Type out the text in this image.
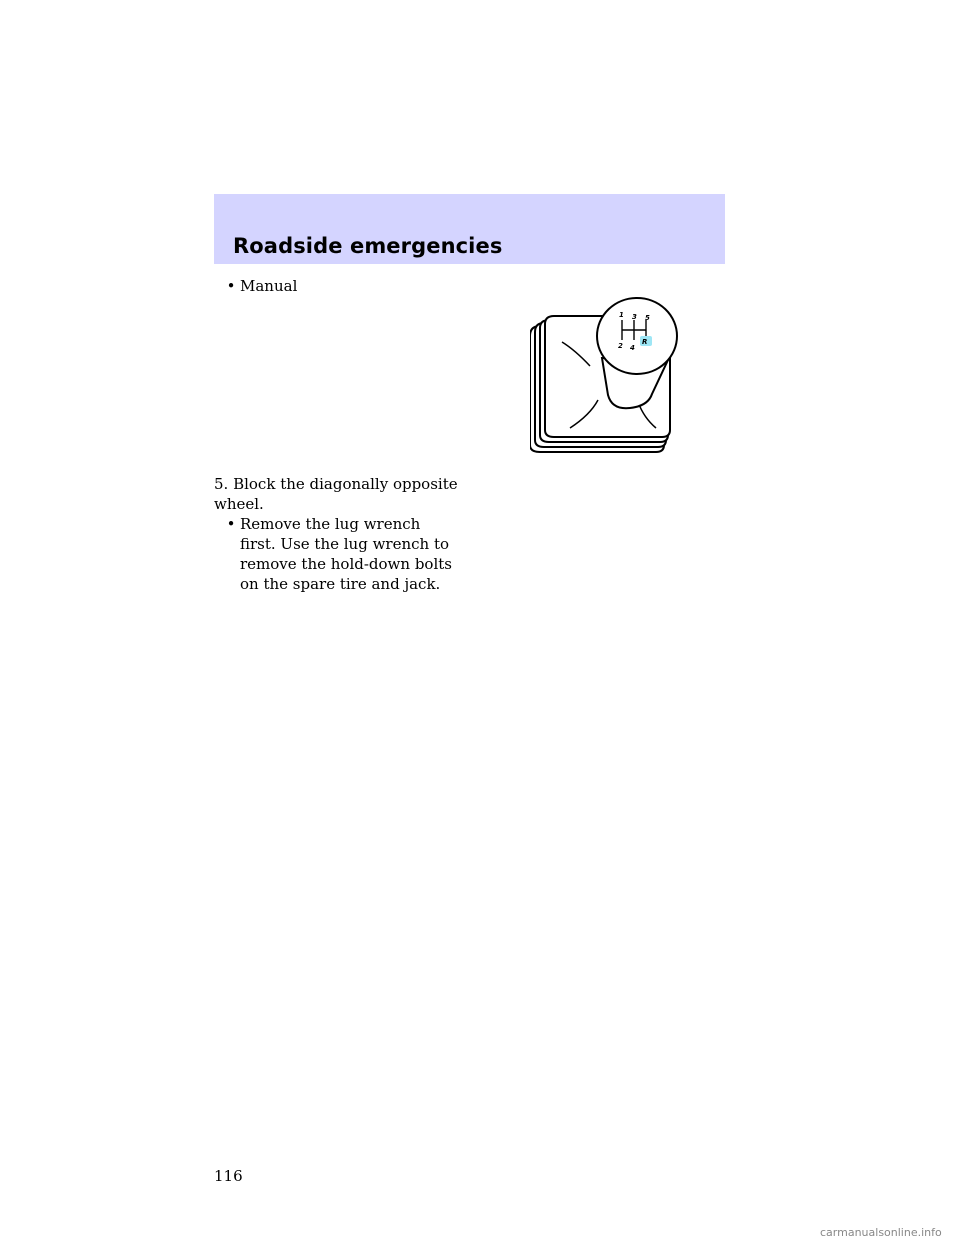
Roadside emergencies
• Manual
1
2
3
4
5
R
5. Block the diagonally opposite wheel.
• Remove the lug wrench first. Use the lug wrench to remove the hold-down bolts on the spare tire and jack.
116
carmanualsonline.info
